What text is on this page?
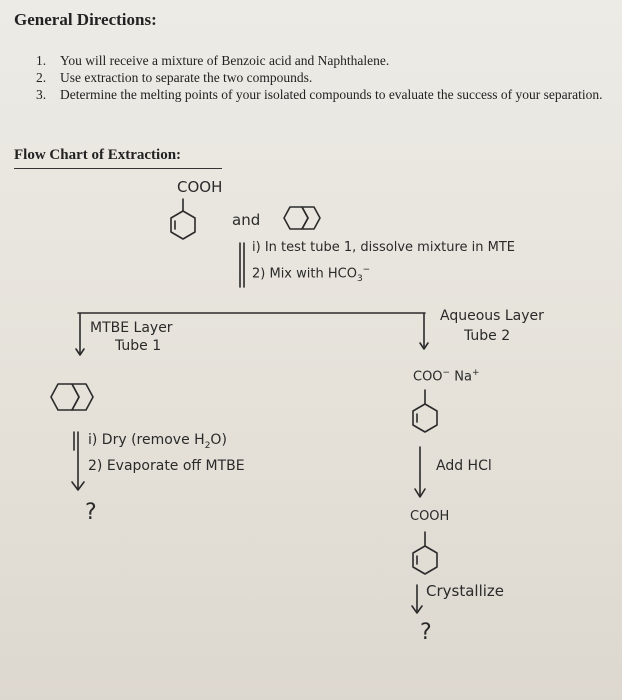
General Directions:
1. You will receive a mixture of Benzoic acid and Naphthalene.
2. Use extraction to separate the two compounds.
3. Determine the melting points of your isolated compounds to evaluate the success of your separation.
Flow Chart of Extraction:
COOH
and
i) In test tube 1, dissolve mixture in MTE
2) Mix with $HCO_3^-$
MTBE Layer
Tube 1
Aqueous Layer
Tube 2
i) Dry (remove $H_2O$)
2) Evaporate off MTBE
?
COO− Na+
Add HCl
COOH
Crystallize
?
